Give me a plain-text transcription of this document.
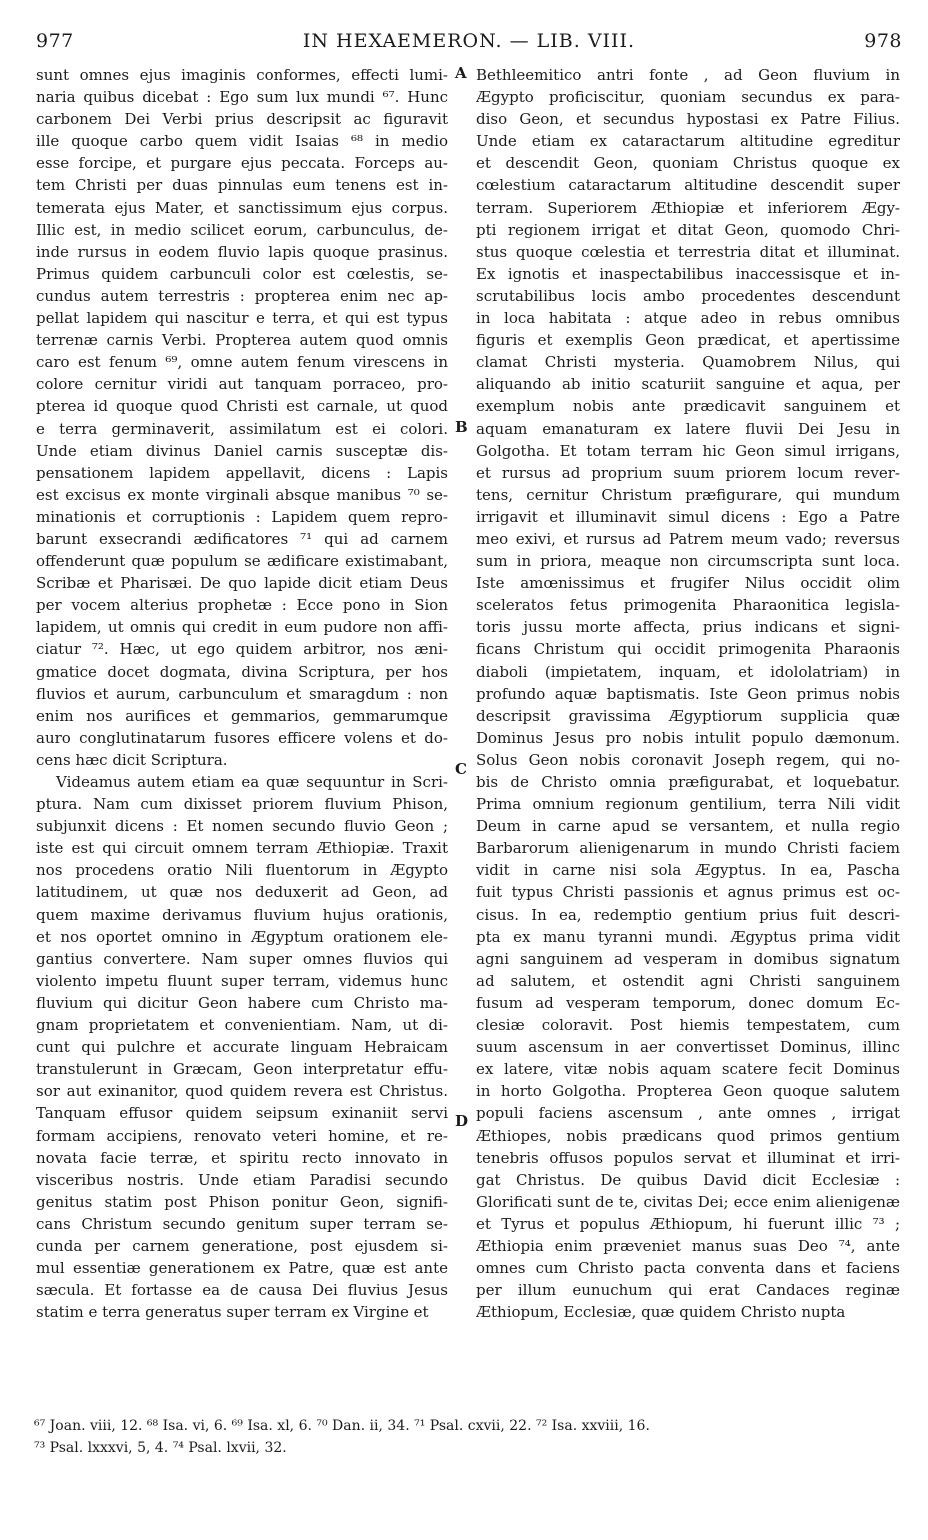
977	IN HEXAEMERON. — LIB. VIII.	978
sunt omnes ejus imaginis conformes, effecti lumi-
naria quibus dicebat : Ego sum lux mundi ⁶⁷. Hunc
carbonem Dei Verbi prius descripsit ac figuravit
ille quoque carbo quem vidit Isaias ⁶⁸ in medio
esse forcipe, et purgare ejus peccata. Forceps au-
tem Christi per duas pinnulas eum tenens est in-
temerata ejus Mater, et sanctissimum ejus corpus.
Illic est, in medio scilicet eorum, carbunculus, de-
inde rursus in eodem fluvio lapis quoque prasinus.
Primus quidem carbunculi color est cœlestis, se-
cundus autem terrestris : propterea enim nec ap-
pellat lapidem qui nascitur e terra, et qui est typus
terrenæ carnis Verbi. Propterea autem quod omnis
caro est fenum ⁶⁹, omne autem fenum virescens in
colore cernitur viridi aut tanquam porraceo, pro-
pterea id quoque quod Christi est carnale, ut quod
e terra germinaverit, assimilatum est ei colori.
Unde etiam divinus Daniel carnis susceptæ dis-
pensationem lapidem appellavit, dicens : Lapis
est excisus ex monte virginali absque manibus ⁷⁰ se-
minationis et corruptionis : Lapidem quem repro-
barunt exsecrandi ædificatores ⁷¹ qui ad carnem
offenderunt quæ populum se ædificare existimabant,
Scribæ et Pharisæi. De quo lapide dicit etiam Deus
per vocem alterius prophetæ : Ecce pono in Sion
lapidem, ut omnis qui credit in eum pudore non affi-
ciatur ⁷². Hæc, ut ego quidem arbitror, nos æni-
gmatice docet dogmata, divina Scriptura, per hos
fluvios et aurum, carbunculum et smaragdum : non
enim nos aurifices et gemmarios, gemmarumque
auro conglutinatarum fusores efficere volens et do-
cens hæc dicit Scriptura.
Videamus autem etiam ea quæ sequuntur in Scri-
ptura. Nam cum dixisset priorem fluvium Phison,
subjunxit dicens : Et nomen secundo fluvio Geon ;
iste est qui circuit omnem terram Æthiopiæ. Traxit
nos procedens oratio Nili fluentorum in Ægypto
latitudinem, ut quæ nos deduxerit ad Geon, ad
quem maxime derivamus fluvium hujus orationis,
et nos oportet omnino in Ægyptum orationem ele-
gantius convertere. Nam super omnes fluvios qui
violento impetu fluunt super terram, videmus hunc
fluvium qui dicitur Geon habere cum Christo ma-
gnam proprietatem et convenientiam. Nam, ut di-
cunt qui pulchre et accurate linguam Hebraicam
transtulerunt in Græcam, Geon interpretatur effu-
sor aut exinanitor, quod quidem revera est Christus.
Tanquam effusor quidem seipsum exinaniit servi
formam accipiens, renovato veteri homine, et re-
novata facie terræ, et spiritu recto innovato in
visceribus nostris. Unde etiam Paradisi secundo
genitus statim post Phison ponitur Geon, signifi-
cans Christum secundo genitum super terram se-
cunda per carnem generatione, post ejusdem si-
mul essentiæ generationem ex Patre, quæ est ante
sæcula. Et fortasse ea de causa Dei fluvius Jesus
statim e terra generatus super terram ex Virgine et
Bethleemitico antri fonte , ad Geon fluvium in
Ægypto proficiscitur, quoniam secundus ex para-
diso Geon, et secundus hypostasi ex Patre Filius.
Unde etiam ex cataractarum altitudine egreditur
et descendit Geon, quoniam Christus quoque ex
cœlestium cataractarum altitudine descendit super
terram. Superiorem Æthiopiæ et inferiorem Ægy-
pti regionem irrigat et ditat Geon, quomodo Chri-
stus quoque cœlestia et terrestria ditat et illuminat.
Ex ignotis et inaspectabilibus inaccessisque et in-
scrutabilibus locis ambo procedentes descendunt
in loca habitata : atque adeo in rebus omnibus
figuris et exemplis Geon prædicat, et apertissime
clamat Christi mysteria. Quamobrem Nilus, qui
aliquando ab initio scaturiit sanguine et aqua, per
exemplum nobis ante prædicavit sanguinem et
aquam emanaturam ex latere fluvii Dei Jesu in
Golgotha. Et totam terram hic Geon simul irrigans,
et rursus ad proprium suum priorem locum rever-
tens, cernitur Christum præfigurare, qui mundum
irrigavit et illuminavit simul dicens : Ego a Patre
meo exivi, et rursus ad Patrem meum vado; reversus
sum in priora, meaque non circumscripta sunt loca.
Iste amœnissimus et frugifer Nilus occidit olim
sceleratos fetus primogenita Pharaonitica legisla-
toris jussu morte affecta, prius indicans et signi-
ficans Christum qui occidit primogenita Pharaonis
diaboli (impietatem, inquam, et idololatriam) in
profundo aquæ baptismatis. Iste Geon primus nobis
descripsit gravissima Ægyptiorum supplicia quæ
Dominus Jesus pro nobis intulit populo dæmonum.
Solus Geon nobis coronavit Joseph regem, qui no-
bis de Christo omnia præfigurabat, et loquebatur.
Prima omnium regionum gentilium, terra Nili vidit
Deum in carne apud se versantem, et nulla regio
Barbarorum alienigenarum in mundo Christi faciem
vidit in carne nisi sola Ægyptus. In ea, Pascha
fuit typus Christi passionis et agnus primus est oc-
cisus. In ea, redemptio gentium prius fuit descri-
pta ex manu tyranni mundi. Ægyptus prima vidit
agni sanguinem ad vesperam in domibus signatum
ad salutem, et ostendit agni Christi sanguinem
fusum ad vesperam temporum, donec domum Ec-
clesiæ coloravit. Post hiemis tempestatem, cum
suum ascensum in aer convertisset Dominus, illinc
ex latere, vitæ nobis aquam scatere fecit Dominus
in horto Golgotha. Propterea Geon quoque salutem
populi faciens ascensum , ante omnes , irrigat
Æthiopes, nobis prædicans quod primos gentium
tenebris offusos populos servat et illuminat et irri-
gat Christus. De quibus David dicit Ecclesiæ :
Glorificati sunt de te, civitas Dei; ecce enim alienigenæ
et Tyrus et populus Æthiopum, hi fuerunt illic ⁷³ ;
Æthiopia enim præveniet manus suas Deo ⁷⁴, ante
omnes cum Christo pacta conventa dans et faciens
per illum eunuchum qui erat Candaces reginæ
Æthiopum, Ecclesiæ, quæ quidem Christo nupta
A
B
C
D
⁶⁷ Joan. viii, 12. ⁶⁸ Isa. vi, 6. ⁶⁹ Isa. xl, 6. ⁷⁰ Dan. ii, 34. ⁷¹ Psal. cxvii, 22. ⁷² Isa. xxviii, 16.
⁷³ Psal. lxxxvi, 5, 4. ⁷⁴ Psal. lxvii, 32.
